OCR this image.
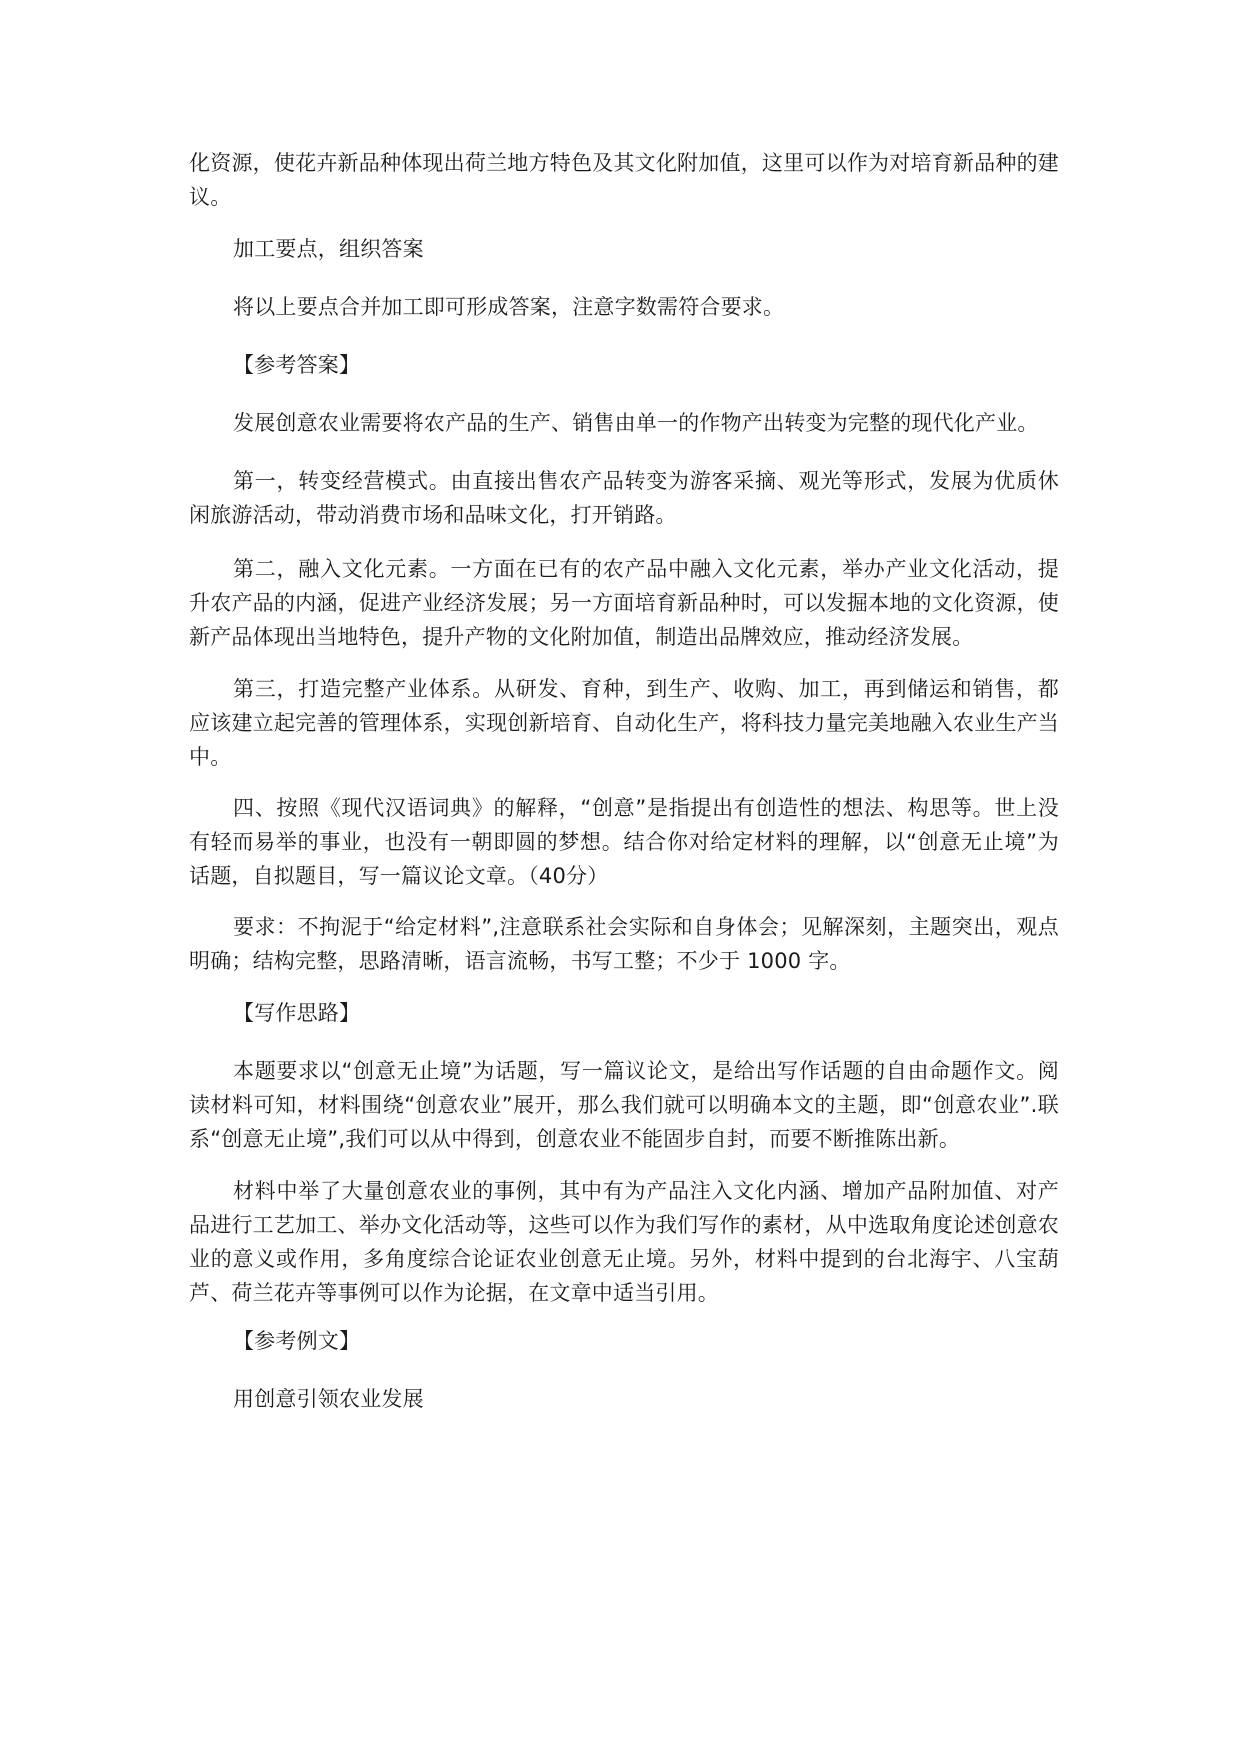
化资源，使花卉新品种体现出荷兰地方特色及其文化附加值，这里可以作为对培育新品种的建议。

加工要点，组织答案

将以上要点合并加工即可形成答案，注意字数需符合要求。

【参考答案】

发展创意农业需要将农产品的生产、销售由单一的作物产出转变为完整的现代化产业。

第一，转变经营模式。由直接出售农产品转变为游客采摘、观光等形式，发展为优质休闲旅游活动，带动消费市场和品味文化，打开销路。

第二，融入文化元素。一方面在已有的农产品中融入文化元素，举办产业文化活动，提升农产品的内涵，促进产业经济发展；另一方面培育新品种时，可以发掘本地的文化资源，使新产品体现出当地特色，提升产物的文化附加值，制造出品牌效应，推动经济发展。

第三，打造完整产业体系。从研发、育种，到生产、收购、加工，再到储运和销售，都应该建立起完善的管理体系，实现创新培育、自动化生产，将科技力量完美地融入农业生产当中。

四、按照《现代汉语词典》的解释，“创意”是指提出有创造性的想法、构思等。世上没有轻而易举的事业，也没有一朝即圆的梦想。结合你对给定材料的理解，以“创意无止境”为话题，自拟题目，写一篇议论文章。（40分）

要求：不拘泥于“给定材料”,注意联系社会实际和自身体会；见解深刻，主题突出，观点明确；结构完整，思路清晰，语言流畅，书写工整；不少于 1000 字。

【写作思路】

本题要求以“创意无止境”为话题，写一篇议论文，是给出写作话题的自由命题作文。阅读材料可知，材料围绕“创意农业”展开，那么我们就可以明确本文的主题，即“创意农业”.联系“创意无止境”,我们可以从中得到，创意农业不能固步自封，而要不断推陈出新。

材料中举了大量创意农业的事例，其中有为产品注入文化内涵、增加产品附加值、对产品进行工艺加工、举办文化活动等，这些可以作为我们写作的素材，从中选取角度论述创意农业的意义或作用，多角度综合论证农业创意无止境。另外，材料中提到的台北海宇、八宝葫芦、荷兰花卉等事例可以作为论据，在文章中适当引用。

【参考例文】

用创意引领农业发展
